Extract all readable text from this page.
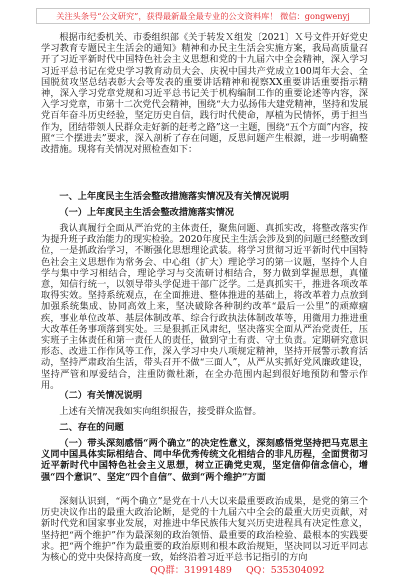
关注头条号“公文研究”，获得最新最全最专业的公文资料库！ 微信：gongwenyj

根据市纪委机关、市委组织部《关于转发Ｘ组发〔2021〕Ｘ号文件开好党史学习教育专题民主生活会的通知》精神和办民主生活会实施方案，我局高质量召开了习近平新时代中国特色社会主义思想和党的十九届六中全会精神，深入学习习近平总书记在党史学习教育动员大会、庆祝中国共产党成立100周年大会、全国脱贫攻坚总结表彰大会等发表的重要讲话精神和视察XX重要讲话重要指示精神，深入学习党章党规和习近平总书记关于机构编制工作的重要论述等内容，深入学习党章，市第十二次党代会精神，围绕“大力弘扬伟大建党精神，坚持和发展党百年奋斗历史经验，坚定历史自信，践行时代使命，厚植为民情怀，勇于担当作为，团结带领人民群众走好新的赶考之路”这一主题，围绕“五个方面”内容，按照“三个摆进去”要求，深入剖析了存在问题，反思问题产生根源，进一步明确整改措施。现将有关情况对照检查如下：

一、上年度民主生活会整改措施落实情况及有关情况说明

（一）上年度民主生活会整改措施落实情况

我认真履行全面从严治党的主体责任，聚焦问题、真抓实改，将整改落实作为提升班子政治能力的现实检验。2020年度民主生活会涉及到的问题已经整改到位，一是抓政治学习，不断强化思想理论武装。将学习贯彻习近平新时代中国特色社会主义思想作为常务会、中心组（扩大）理论学习的第一议题，坚持个人自学与集中学习相结合，理论学习与交流研讨相结合，努力做到掌握思想，真懂意，知信行统一，以领导带头学促进干部广泛学。二是真抓实干，推进各项改革取得实效。坚持系统观点，在全面推进、整体推进的基础上，将改革着力点放到加强系统集成、协同高效上来，坚决破除各种制约改革“最后一公里”的顽瘴痼疾，事业单位改革、基层体制改革、综合行政执法体制改革等，用微用力推进重大改革任务事项落到实处。三是狠抓正风肃纪，坚决落实全面从严治党责任，压实班子主体责任和第一责任人的责任，做到守土有责、守土负责。定期研究意识形态、改进工作作风等工作，深入学习中央八项规定精神，坚持开展警示教育活动，坚持严肃政治生活，带头召开不做“三面人”，从严从实抓好党风廉政建设，坚持严管和厚爱结合，注重防微杜渐，在全办范围内起到很好地预防和警示作用。

（二）有关情况说明

上述有关情况我如实向组织报告，接受群众监督。

二、存在的问题

（一）带头深刻感悟“两个确立”的决定性意义，深刻感悟党坚持把马克思主义同中国具体实际相结合、同中华优秀传统文化相结合的非凡历程，全面贯彻习近平新时代中国特色社会主义思想，树立正确党史观，坚定信仰信念信心，增强“四个意识”、坚定“四个自信”、做到“两个维护”方面

深刻认识到，“两个确立”是党在十八大以来最重要政治成果，是党的第三个历史决议作出的最重大政治论断，是党的十九届六中全会的最重大历史贡献，对新时代党和国家事业发展，对推进中华民族伟大复兴历史进程具有决定性意义，坚持把“两个维护”作为最深刻的政治领悟、最重要的政治检验、最根本的实践要求。把“两个维护”作为最重要的政治原则和根本政治规矩，坚决同以习近平同志为核心的党中央保持高度一致，始终沿着习近平总书记指引的方向

QQ群：31991489 QQ：535304092
